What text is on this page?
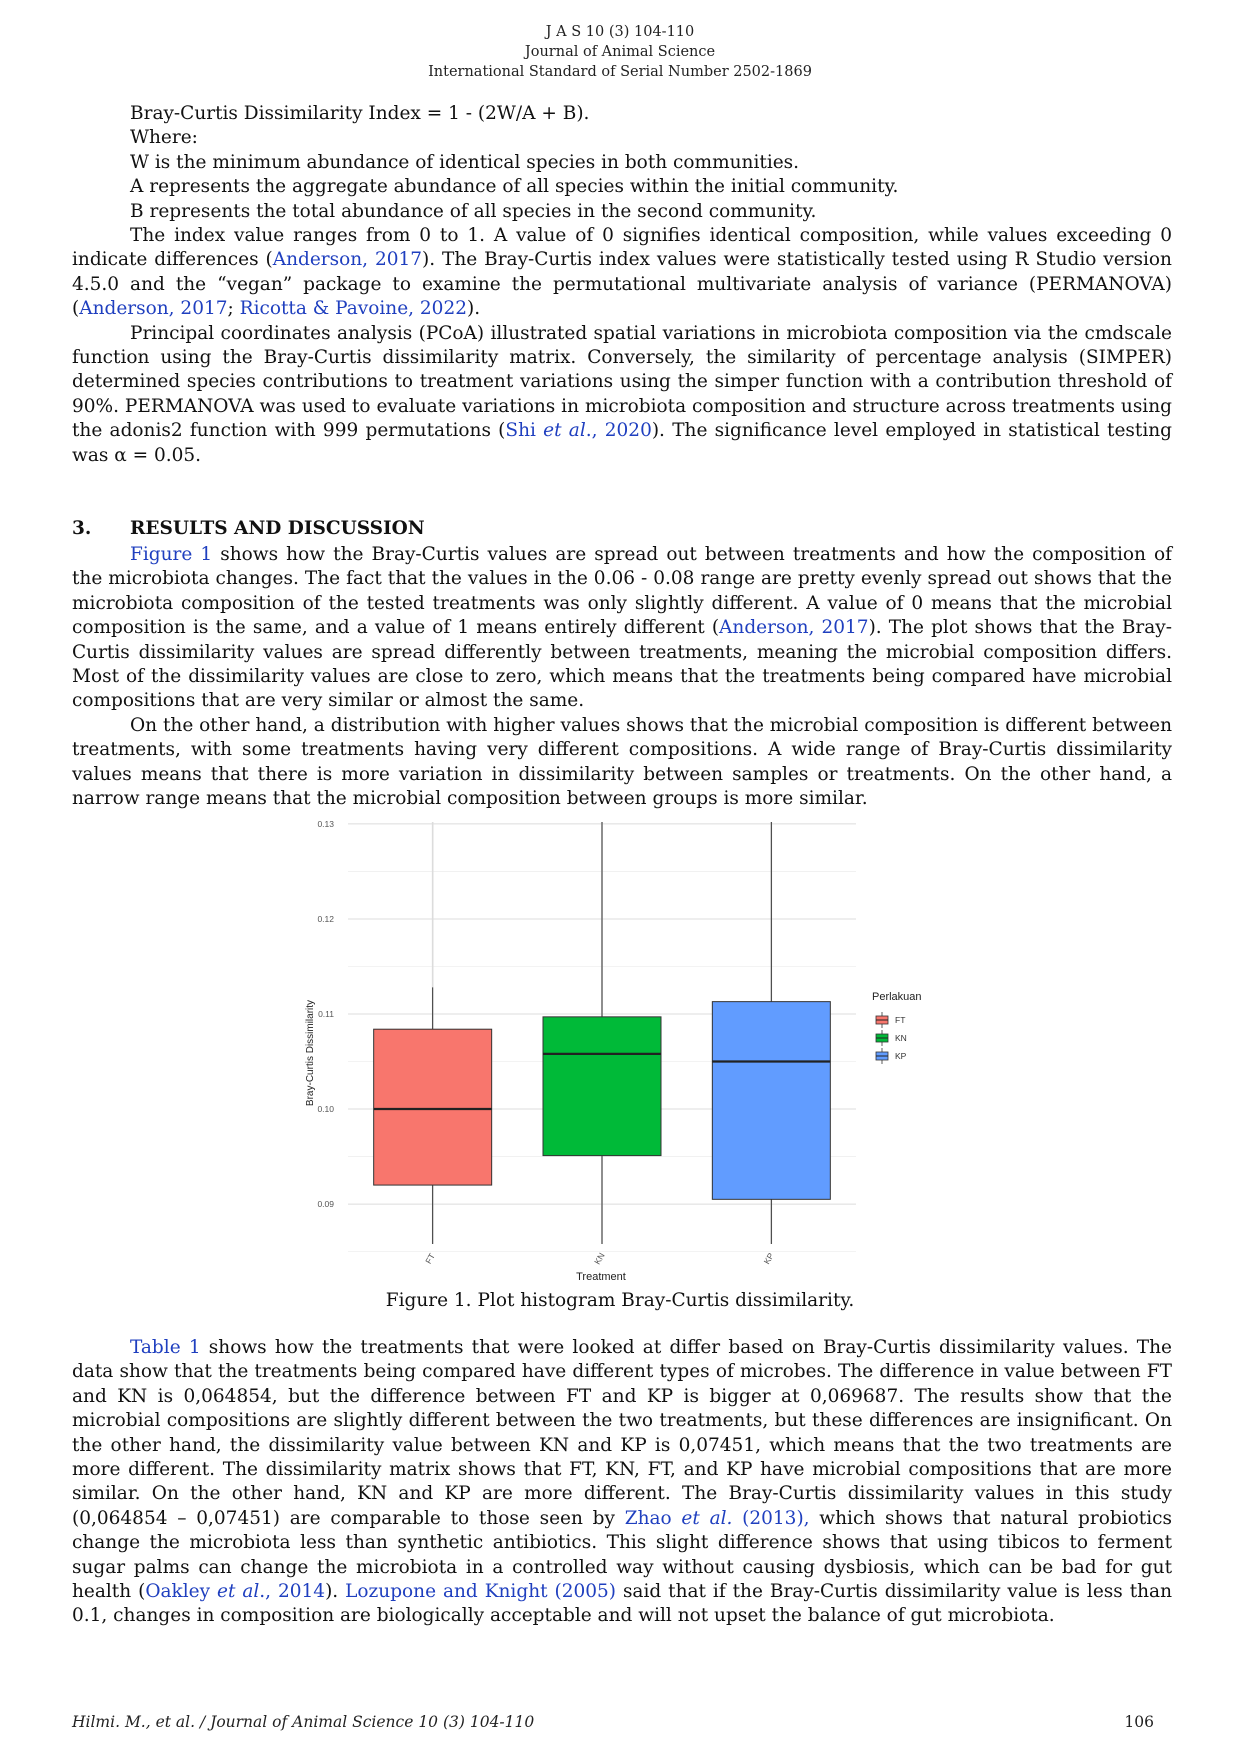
J A S 10 (3) 104-110
Journal of Animal Science
International Standard of Serial Number 2502-1869

Bray-Curtis Dissimilarity Index = 1 - (2W/A + B).

Where:

W is the minimum abundance of identical species in both communities.

A represents the aggregate abundance of all species within the initial community.

B represents the total abundance of all species in the second community.

The index value ranges from 0 to 1. A value of 0 signifies identical composition, while values exceeding 0 indicate differences (Anderson, 2017). The Bray-Curtis index values were statistically tested using R Studio version 4.5.0 and the “vegan” package to examine the permutational multivariate analysis of variance (PERMANOVA) (Anderson, 2017; Ricotta & Pavoine, 2022).

Principal coordinates analysis (PCoA) illustrated spatial variations in microbiota composition via the cmdscale function using the Bray-Curtis dissimilarity matrix. Conversely, the similarity of percentage analysis (SIMPER) determined species contributions to treatment variations using the simper function with a contribution threshold of 90%. PERMANOVA was used to evaluate variations in microbiota composition and structure across treatments using the adonis2 function with 999 permutations (Shi et al., 2020). The significance level employed in statistical testing was α = 0.05.

3. RESULTS AND DISCUSSION

Figure 1 shows how the Bray-Curtis values are spread out between treatments and how the composition of the microbiota changes. The fact that the values in the 0.06 - 0.08 range are pretty evenly spread out shows that the microbiota composition of the tested treatments was only slightly different. A value of 0 means that the microbial composition is the same, and a value of 1 means entirely different (Anderson, 2017). The plot shows that the Bray-Curtis dissimilarity values are spread differently between treatments, meaning the microbial composition differs. Most of the dissimilarity values are close to zero, which means that the treatments being compared have microbial compositions that are very similar or almost the same.

On the other hand, a distribution with higher values shows that the microbial composition is different between treatments, with some treatments having very different compositions. A wide range of Bray-Curtis dissimilarity values means that there is more variation in dissimilarity between samples or treatments. On the other hand, a narrow range means that the microbial composition between groups is more similar.

0.09
0.10
0.11
0.12
0.13
FT	KN	KP
Treatment
Bray-Curtis Dissimilarity
Perlakuan
FT
KN
KP
Figure 1. Plot histogram Bray-Curtis dissimilarity.

Table 1 shows how the treatments that were looked at differ based on Bray-Curtis dissimilarity values. The data show that the treatments being compared have different types of microbes. The difference in value between FT and KN is 0,064854, but the difference between FT and KP is bigger at 0,069687. The results show that the microbial compositions are slightly different between the two treatments, but these differences are insignificant. On the other hand, the dissimilarity value between KN and KP is 0,07451, which means that the two treatments are more different. The dissimilarity matrix shows that FT, KN, FT, and KP have microbial compositions that are more similar. On the other hand, KN and KP are more different. The Bray-Curtis dissimilarity values in this study (0,064854 – 0,07451) are comparable to those seen by Zhao et al. (2013), which shows that natural probiotics change the microbiota less than synthetic antibiotics. This slight difference shows that using tibicos to ferment sugar palms can change the microbiota in a controlled way without causing dysbiosis, which can be bad for gut health (Oakley et al., 2014). Lozupone and Knight (2005) said that if the Bray-Curtis dissimilarity value is less than 0.1, changes in composition are biologically acceptable and will not upset the balance of gut microbiota.

Hilmi. M., et al. / Journal of Animal Science 10 (3) 104-110	106
